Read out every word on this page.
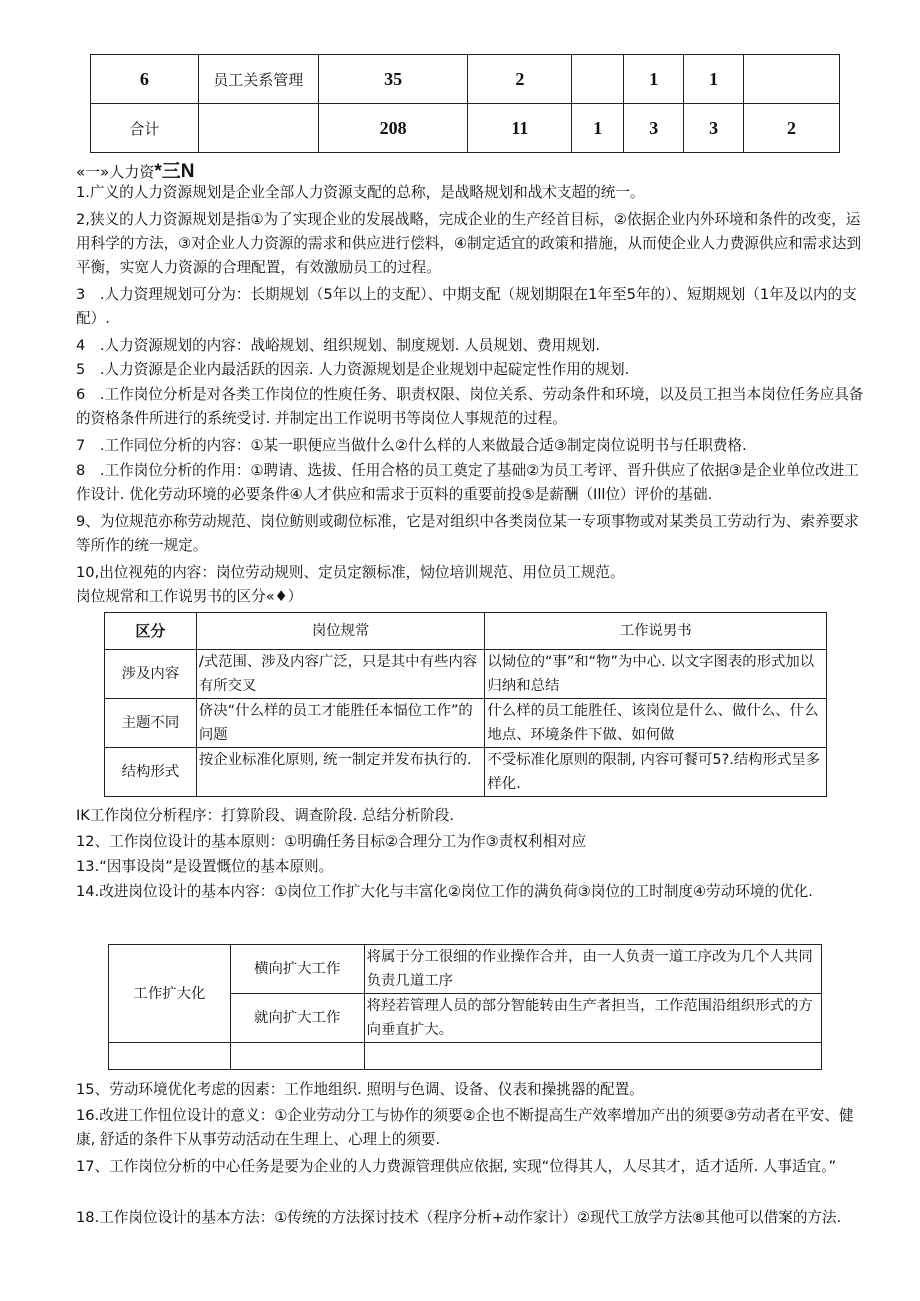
6	员工关系管理	35	2		1	1	
合计		208	11	1	3	3	2
«一»人力资*三N
1.广义的人力资源规划是企业全部人力资源支配的总称，是战略规划和战术支超的统一。
2,狭义的人力资源规划是指①为了实现企业的发展战略，完成企业的生产经首目标，②依据企业内外环境和条件的改变，运用科学的方法，③对企业人力资源的需求和供应进行偿料，④制定适宜的政策和措施，从而使企业人力费源供应和需求达到平衡，实宽人力资源的合理配置，有效激励员工的过程。
3　.人力资理规划可分为：长期规划（5年以上的支配）、中期支配（规划期限在1年至5年的）、短期规划（1年及以内的支配）.
4　.人力资源规划的内容：战峪规划、组织规划、制度规划. 人员规划、费用规划.
5　.人力资源是企业内最活跃的因亲. 人力资源规划是企业规划中起碇定性作用的规划.
6　.工作岗位分析是对各类工作岗位的性庾任务、职责权限、岗位关系、劳动条件和环境，以及员工担当本岗位任务应具备的资格条件所进行的系统受讨. 并制定出工作说明书等岗位人事规范的过程。
7　.工作同位分析的内容：①某一职便应当做什么②什么样的人来做最合适③制定岗位说明书与任职费格.
8　.工作岗位分析的作用：①聘请、选拔、任用合格的员工奠定了基础②为员工考评、晋升供应了依据③是企业单位改进工作设计. 优化劳动环境的必要条件④人才供应和需求于页料的重要前投⑤是薪酬（Ill位）评价的基础.
9、为位规范亦称劳动规范、岗位鲂则或砌位标准，它是对组织中各类岗位某一专项事物或对某类员工劳动行为、索养要求等所作的统一规定。
10,出位视苑的内容：岗位劳动规则、定员定额标准，恸位培训规范、用位员工规范。
岗位规常和工作说男书的区分«♦）
区分	岗位规常	工作说男书
涉及内容	/式范围、涉及内容广泛，只是其中有些内容有所交叉	以恸位的“事”和“物”为中心. 以文字图表的形式加以归纳和总结
主题不同	侪决“什么样的员工才能胜任本愊位工作”的问题	什么样的员工能胜任、该岗位是什么、做什么、什么地点、环境条件下做、如何做
结构形式	按企业标准化原则, 统一制定并发布执行的.	不受标准化原则的限制, 内容可餐可5?.结构形式呈多样化.
IK工作岗位分析程序：打算阶段、调查阶段. 总结分析阶段.
12、工作岗位设计的基本原则：①明确任务目标②合理分工为作③责权利相对应
13.“因事设岗”是设置慨位的基本原则。
14.改进岗位设计的基本内容：①岗位工作扩大化与丰富化②岗位工作的满负荷③岗位的工时制度④劳动环境的优化.
工作扩大化	横向扩大工作	将属于分工很细的作业操作合并，由一人负责一道工序改为几个人共同负责几道工序
	就向扩大工作	将羟若管理人员的部分智能转由生产者担当，工作范围沿组织形式的方向垂直扩大。

15、劳动环境优化考虑的因素：工作地组织. 照明与色调、设备、仪表和操挑器的配置。
16.改进工作忸位设计的意义：①企业劳动分工与协作的须要②企也不断提高生产效率增加产出的须要③劳动者在平安、健康, 舒适的条件下从事劳动活动在生理上、心理上的须要.
17、工作岗位分析的中心任务是要为企业的人力费源管理供应依据, 实现“位得其人，人尽其才，适才适所. 人事适宜。”
18.工作岗位设计的基本方法：①传统的方法探讨技术（程序分析+动作家计）②现代工放学方法⑧其他可以借案的方法.
